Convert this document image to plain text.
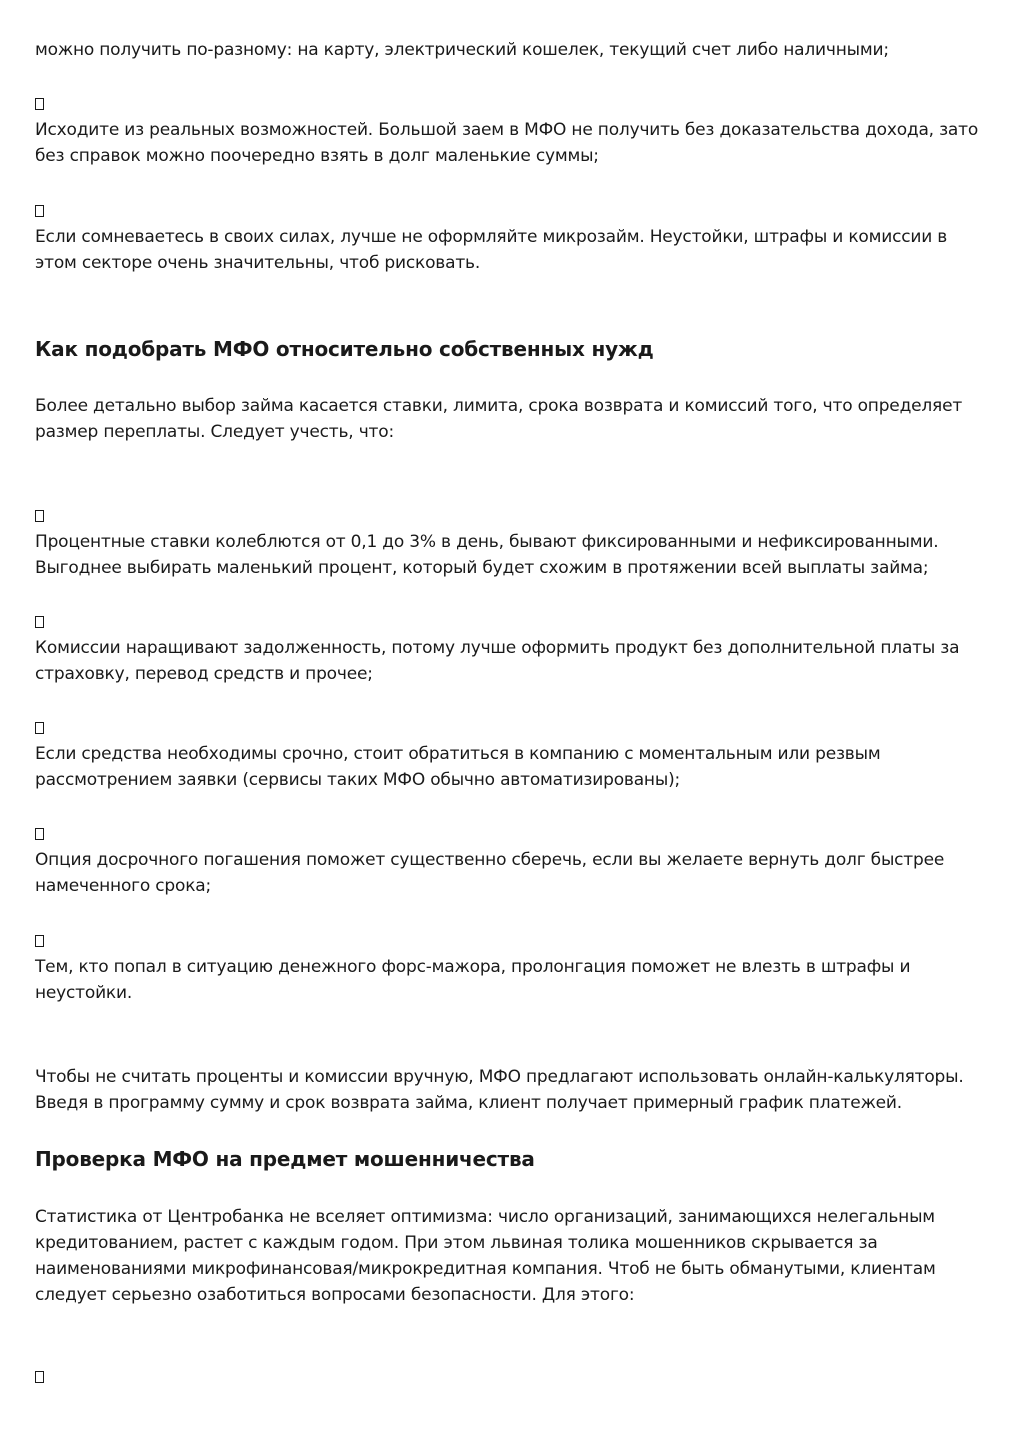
можно получить по-разному: на карту, электрический кошелек, текущий счет либо наличными;

Исходите из реальных возможностей. Большой заем в МФО не получить без доказательства дохода, зато без справок можно поочередно взять в долг маленькие суммы;

Если сомневаетесь в своих силах, лучше не оформляйте микрозайм. Неустойки, штрафы и комиссии в этом секторе очень значительны, чтоб рисковать.

Как подобрать МФО относительно собственных нужд

Более детально выбор займа касается ставки, лимита, срока возврата и комиссий того, что определяет размер переплаты. Следует учесть, что:

Процентные ставки колеблются от 0,1 до 3% в день, бывают фиксированными и нефиксированными. Выгоднее выбирать маленький процент, который будет схожим в протяжении всей выплаты займа;

Комиссии наращивают задолженность, потому лучше оформить продукт без дополнительной платы за страховку, перевод средств и прочее;

Если средства необходимы срочно, стоит обратиться в компанию с моментальным или резвым рассмотрением заявки (сервисы таких МФО обычно автоматизированы);

Опция досрочного погашения поможет существенно сберечь, если вы желаете вернуть долг быстрее намеченного срока;

Тем, кто попал в ситуацию денежного форс-мажора, пролонгация поможет не влезть в штрафы и неустойки.

Чтобы не считать проценты и комиссии вручную, МФО предлагают использовать онлайн-калькуляторы. Введя в программу сумму и срок возврата займа, клиент получает примерный график платежей.

Проверка МФО на предмет мошенничества

Статистика от Центробанка не вселяет оптимизма: число организаций, занимающихся нелегальным кредитованием, растет с каждым годом. При этом львиная толика мошенников скрывается за наименованиями микрофинансовая/микрокредитная компания. Чтоб не быть обманутыми, клиентам следует серьезно озаботиться вопросами безопасности. Для этого:
